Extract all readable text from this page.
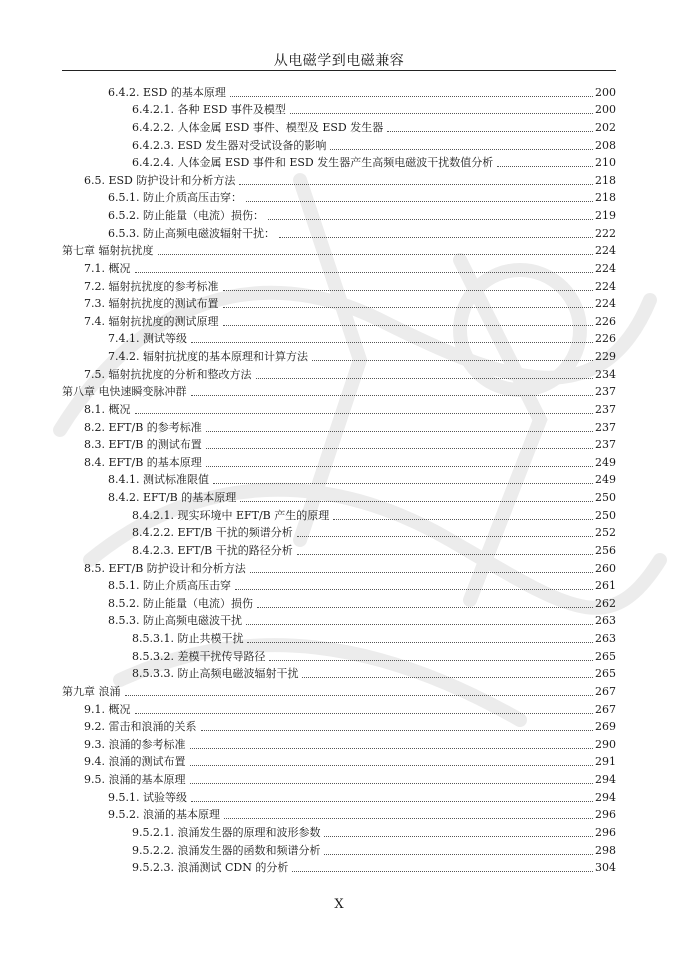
从电磁学到电磁兼容
6.4.2. ESD 的基本原理	200
6.4.2.1. 各种 ESD 事件及模型	200
6.4.2.2. 人体金属 ESD 事件、模型及 ESD 发生器	202
6.4.2.3. ESD 发生器对受试设备的影响	208
6.4.2.4. 人体金属 ESD 事件和 ESD 发生器产生高频电磁波干扰数值分析	210
6.5. ESD 防护设计和分析方法	218
6.5.1. 防止介质高压击穿：	218
6.5.2. 防止能量（电流）损伤：	219
6.5.3. 防止高频电磁波辐射干扰：	222
第七章 辐射抗扰度	224
7.1. 概况	224
7.2. 辐射抗扰度的参考标准	224
7.3. 辐射抗扰度的测试布置	224
7.4. 辐射抗扰度的测试原理	226
7.4.1. 测试等级	226
7.4.2. 辐射抗扰度的基本原理和计算方法	229
7.5. 辐射抗扰度的分析和整改方法	234
第八章 电快速瞬变脉冲群	237
8.1. 概况	237
8.2. EFT/B 的参考标准	237
8.3. EFT/B 的测试布置	237
8.4. EFT/B 的基本原理	249
8.4.1. 测试标准限值	249
8.4.2. EFT/B 的基本原理	250
8.4.2.1. 现实环境中 EFT/B 产生的原理	250
8.4.2.2. EFT/B 干扰的频谱分析	252
8.4.2.3. EFT/B 干扰的路径分析	256
8.5. EFT/B 防护设计和分析方法	260
8.5.1. 防止介质高压击穿	261
8.5.2. 防止能量（电流）损伤	262
8.5.3. 防止高频电磁波干扰	263
8.5.3.1. 防止共模干扰	263
8.5.3.2. 差模干扰传导路径	265
8.5.3.3. 防止高频电磁波辐射干扰	265
第九章 浪涌	267
9.1. 概况	267
9.2. 雷击和浪涌的关系	269
9.3. 浪涌的参考标准	290
9.4. 浪涌的测试布置	291
9.5. 浪涌的基本原理	294
9.5.1. 试验等级	294
9.5.2. 浪涌的基本原理	296
9.5.2.1. 浪涌发生器的原理和波形参数	296
9.5.2.2. 浪涌发生器的函数和频谱分析	298
9.5.2.3. 浪涌测试 CDN 的分析	304
X
